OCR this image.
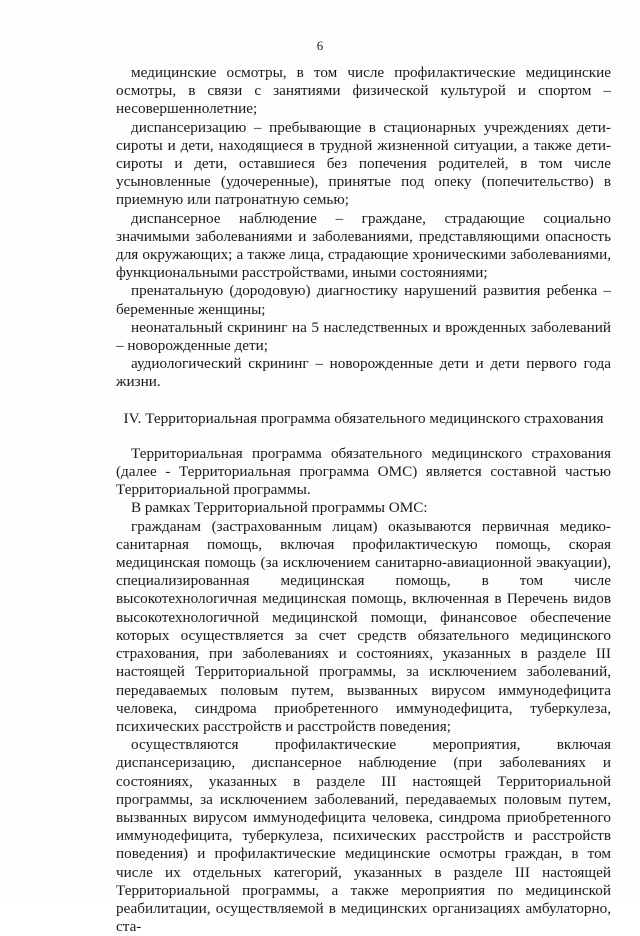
6

медицинские осмотры, в том числе профилактические медицинские осмотры, в связи с занятиями физической культурой и спортом – несовершеннолетние;

диспансеризацию – пребывающие в стационарных учреждениях дети-сироты и дети, находящиеся в трудной жизненной ситуации, а также дети-сироты и дети, оставшиеся без попечения родителей, в том числе усыновленные (удочеренные), принятые под опеку (попечительство) в приемную или патронатную семью;

диспансерное наблюдение – граждане, страдающие социально значимыми заболеваниями и заболеваниями, представляющими опасность для окружающих; а также лица, страдающие хроническими заболеваниями, функциональными расстройствами, иными состояниями;

пренатальную (дородовую) диагностику нарушений развития ребенка – беременные женщины;

неонатальный скрининг на 5 наследственных и врожденных заболеваний – новорожденные дети;

аудиологический скрининг – новорожденные дети и дети первого года жизни.

IV. Территориальная программа обязательного медицинского страхования

Территориальная программа обязательного медицинского страхования (далее - Территориальная программа ОМС) является составной частью Территориальной программы.

В рамках Территориальной программы ОМС:

гражданам (застрахованным лицам) оказываются первичная медико-санитарная помощь, включая профилактическую помощь, скорая медицинская помощь (за исключением санитарно-авиационной эвакуации), специализированная медицинская помощь, в том числе высокотехнологичная медицинская помощь, включенная в Перечень видов высокотехнологичной медицинской помощи, финансовое обеспечение которых осуществляется за счет средств обязательного медицинского страхования, при заболеваниях и состояниях, указанных в разделе III настоящей Территориальной программы, за исключением заболеваний, передаваемых половым путем, вызванных вирусом иммунодефицита человека, синдрома приобретенного иммунодефицита, туберкулеза, психических расстройств и расстройств поведения;

осуществляются профилактические мероприятия, включая диспансеризацию, диспансерное наблюдение (при заболеваниях и состояниях, указанных в разделе III настоящей Территориальной программы, за исключением заболеваний, передаваемых половым путем, вызванных вирусом иммунодефицита человека, синдрома приобретенного иммунодефицита, туберкулеза, психических расстройств и расстройств поведения) и профилактические медицинские осмотры граждан, в том числе их отдельных категорий, указанных в разделе III настоящей Территориальной программы, а также мероприятия по медицинской реабилитации, осуществляемой в медицинских организациях амбулаторно, ста-
